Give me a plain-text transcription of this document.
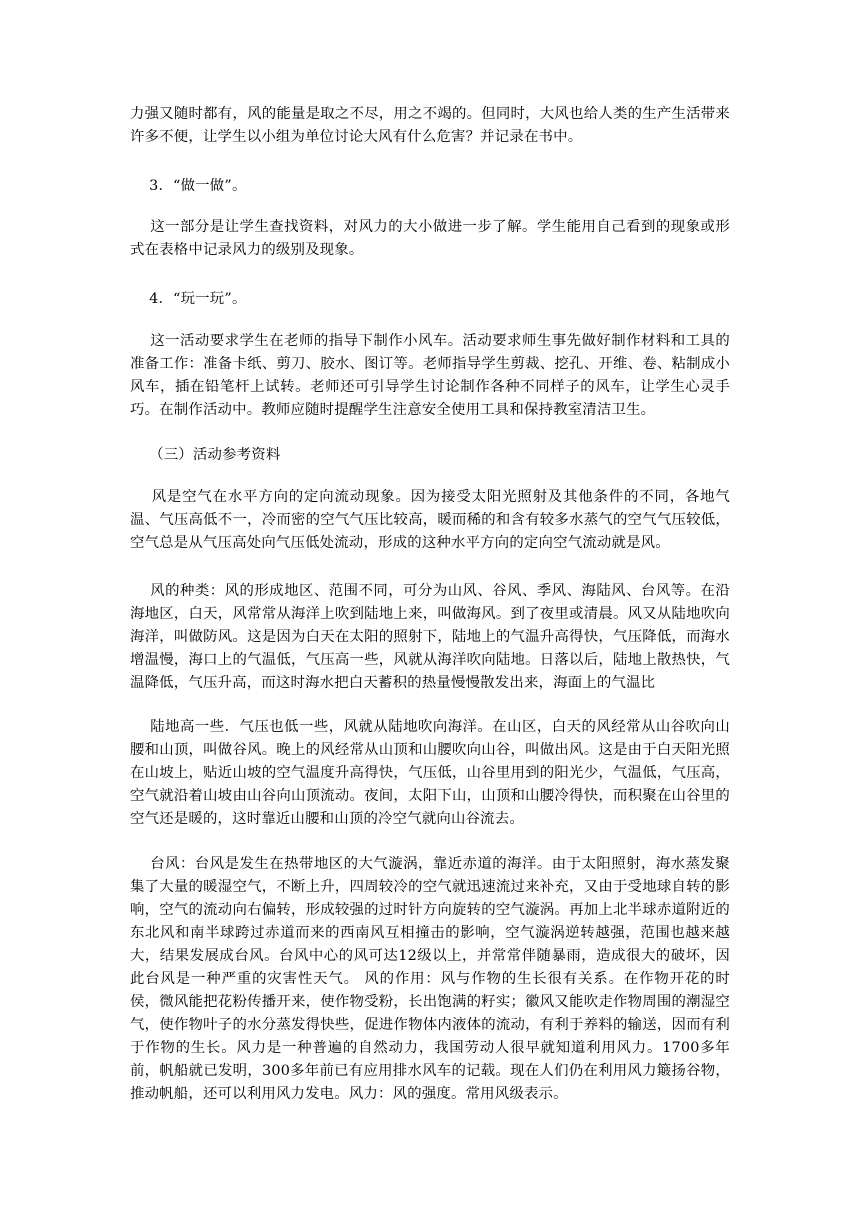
力强又随时都有，风的能量是取之不尽，用之不竭的。但同时，大风也给人类的生产生活带来许多不便，让学生以小组为单位讨论大风有什么危害？并记录在书中。

3．“做一做”。

这一部分是让学生查找资料，对风力的大小做进一步了解。学生能用自己看到的现象或形式在表格中记录风力的级别及现象。

4．“玩一玩”。

这一活动要求学生在老师的指导下制作小风车。活动要求师生事先做好制作材料和工具的准备工作：准备卡纸、剪刀、胶水、图订等。老师指导学生剪裁、挖孔、开维、卷、粘制成小风车，插在铅笔杆上试转。老师还可引导学生讨论制作各种不同样子的风车，让学生心灵手巧。在制作活动中。教师应随时提醒学生注意安全使用工具和保持教室清洁卫生。

（三）活动参考资料

风是空气在水平方向的定向流动现象。因为接受太阳光照射及其他条件的不同，各地气温、气压高低不一，冷而密的空气气压比较高，暖而稀的和含有较多水蒸气的空气气压较低，空气总是从气压高处向气压低处流动，形成的这种水平方向的定向空气流动就是风。

风的种类：风的形成地区、范围不同，可分为山风、谷风、季风、海陆风、台风等。在沿海地区，白天，风常常从海洋上吹到陆地上来，叫做海风。到了夜里或清晨。风又从陆地吹向海洋，叫做防风。这是因为白天在太阳的照射下，陆地上的气温升高得快，气压降低，而海水增温慢，海口上的气温低，气压高一些，风就从海洋吹向陆地。日落以后，陆地上散热快，气温降低，气压升高，而这时海水把白天蓄积的热量慢慢散发出来，海面上的气温比

陆地高一些．气压也低一些，风就从陆地吹向海洋。在山区，白天的风经常从山谷吹向山腰和山顶，叫做谷风。晚上的风经常从山顶和山腰吹向山谷，叫做出风。这是由于白天阳光照在山坡上，贴近山坡的空气温度升高得快，气压低，山谷里用到的阳光少，气温低，气压高，空气就沿着山坡由山谷向山顶流动。夜间，太阳下山，山顶和山腰冷得快，而积聚在山谷里的空气还是暖的，这时靠近山腰和山顶的冷空气就向山谷流去。

台风：台风是发生在热带地区的大气漩涡，靠近赤道的海洋。由于太阳照射，海水蒸发聚集了大量的暖湿空气，不断上升，四周较冷的空气就迅速流过来补充，又由于受地球自转的影响，空气的流动向右偏转，形成较强的过时针方向旋转的空气漩涡。再加上北半球赤道附近的东北风和南半球跨过赤道而来的西南风互相撞击的影响，空气漩涡逆转越强，范围也越来越大，结果发展成台风。台风中心的风可达12级以上，并常常伴随暴雨，造成很大的破坏，因此台风是一种严重的灾害性天气。 风的作用：风与作物的生长很有关系。在作物开花的时侯，微风能把花粉传播开来，使作物受粉，长出饱满的籽实；徽风又能吹走作物周围的潮湿空气，使作物叶子的水分蒸发得快些，促进作物体内液体的流动，有利于养料的输送，因而有利于作物的生长。风力是一种普遍的自然动力，我国劳动人很早就知道利用风力。1700多年前，帆船就已发明，300多年前已有应用排水风车的记载。现在人们仍在利用风力簸扬谷物，推动帆船，还可以利用风力发电。风力：风的强度。常用风级表示。
